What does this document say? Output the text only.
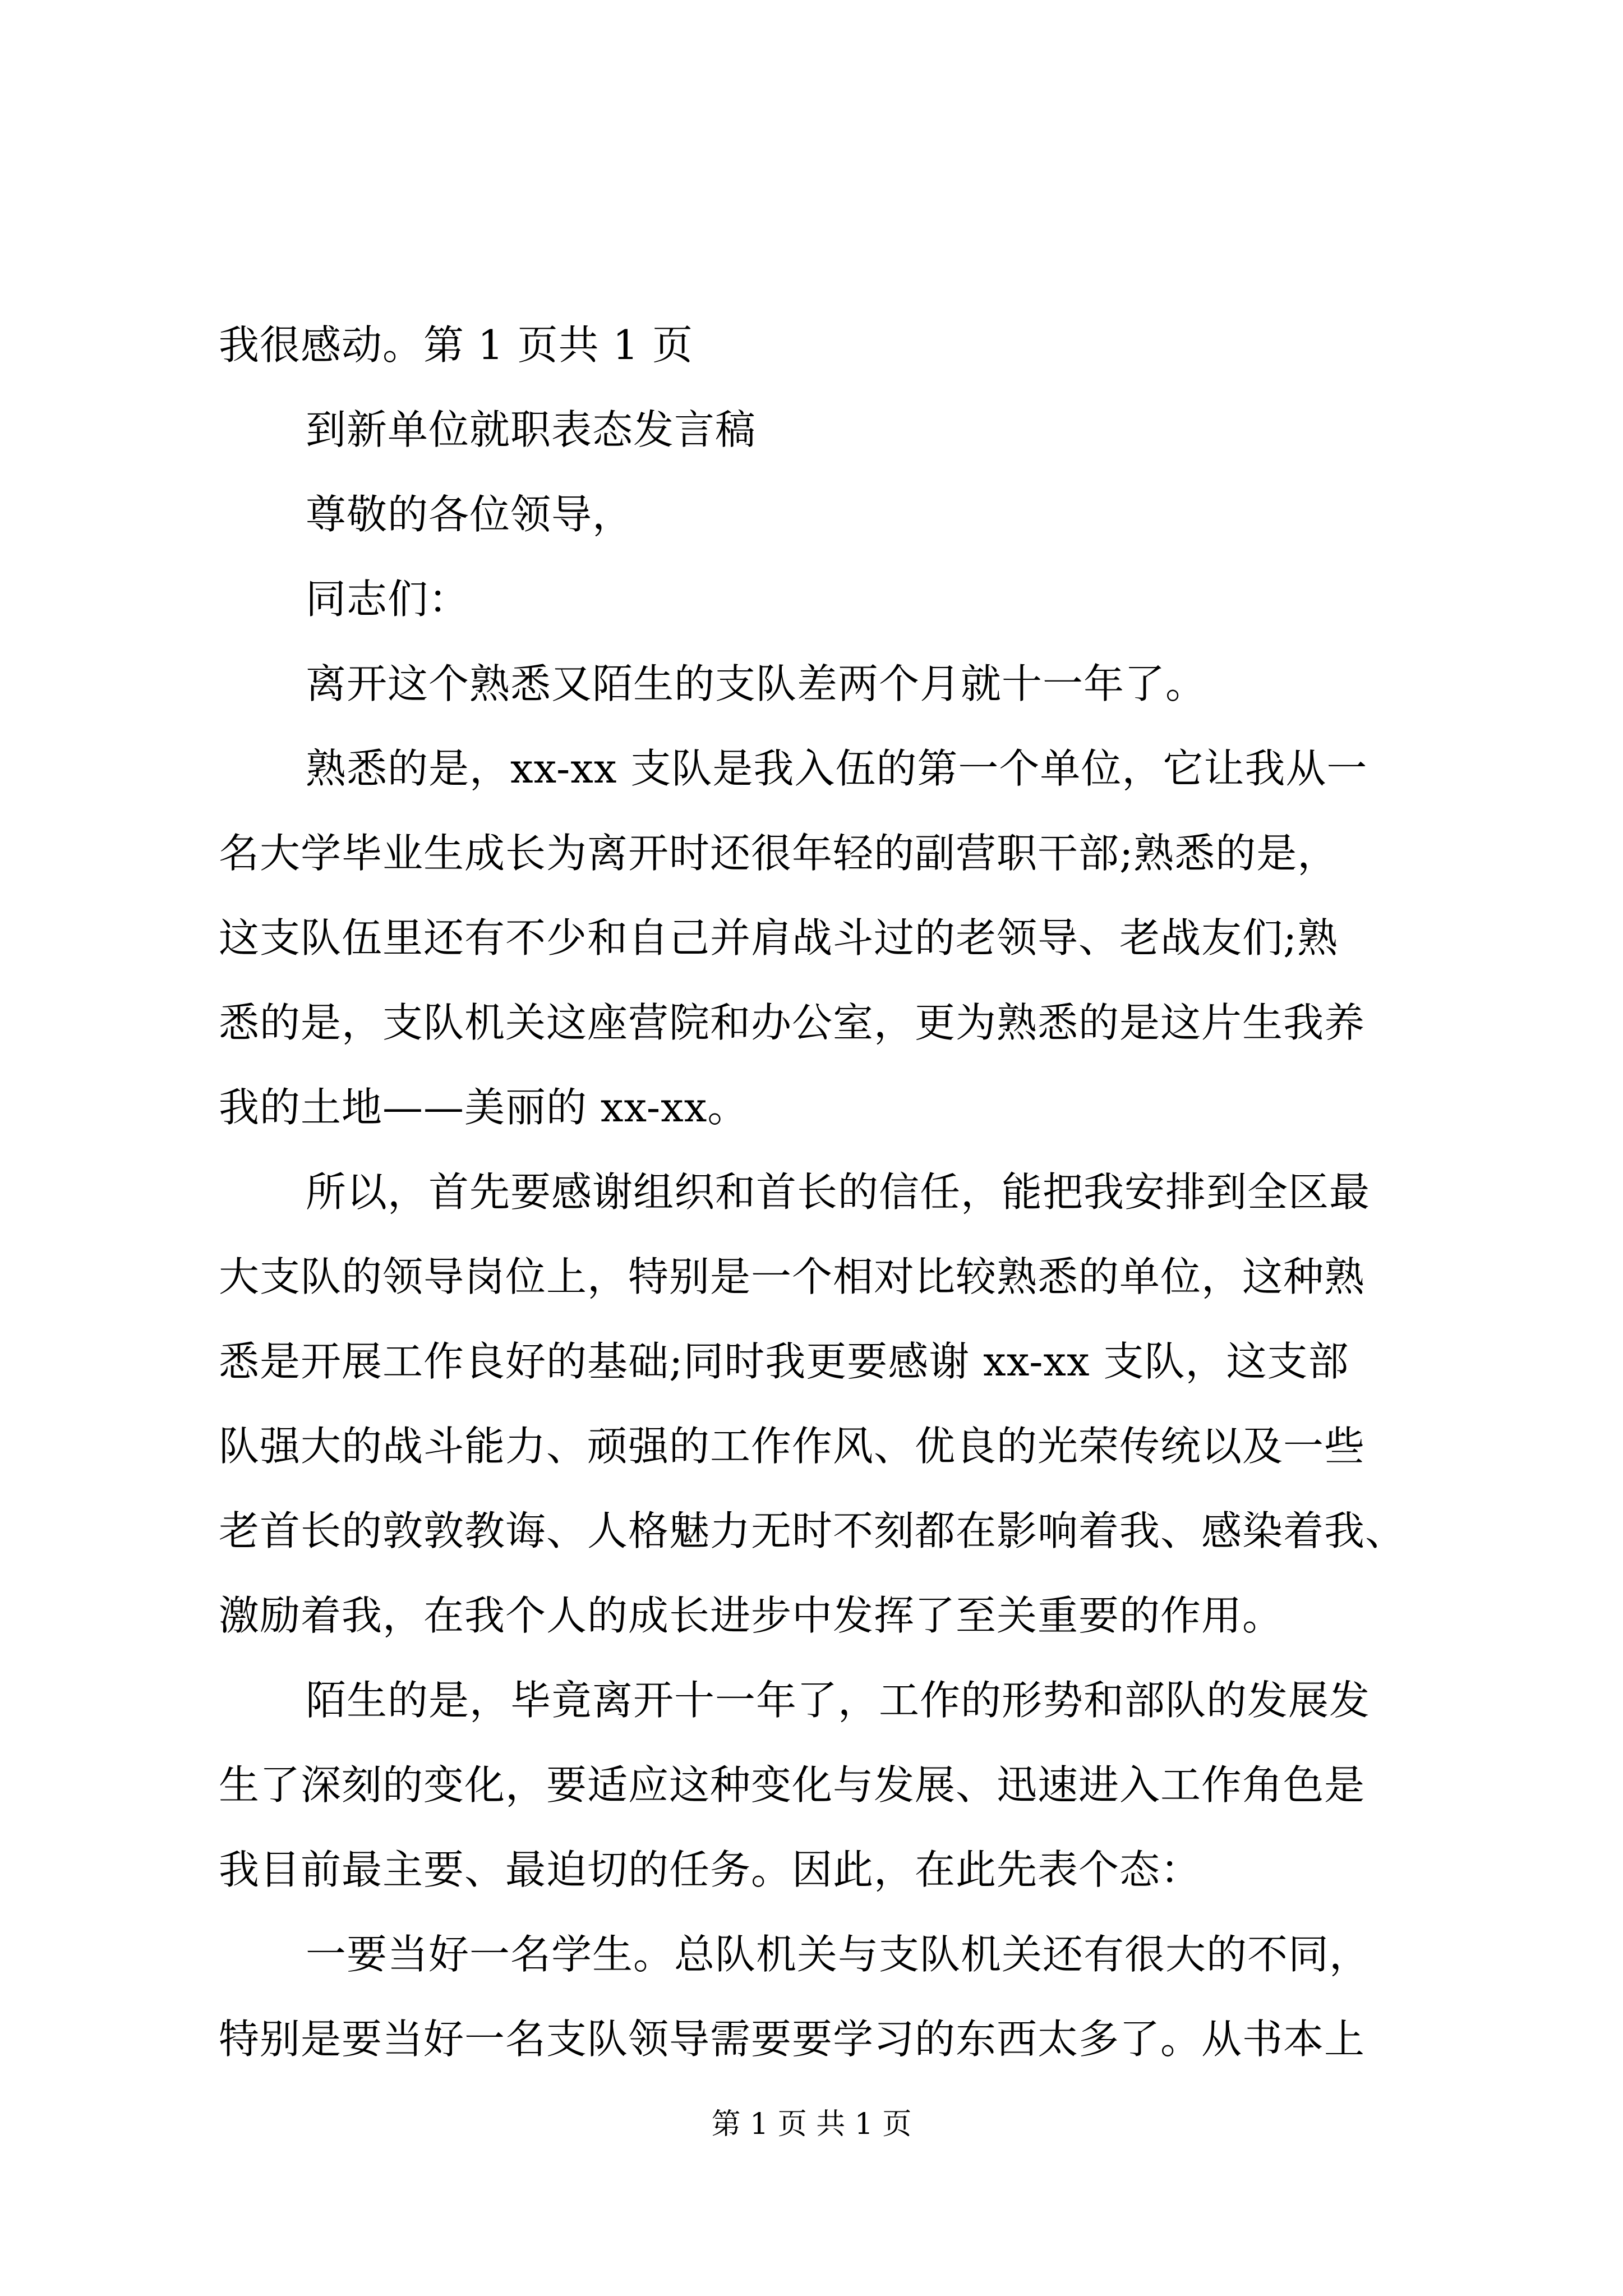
我很感动。第 1 页共 1 页
到新单位就职表态发言稿
尊敬的各位领导，
同志们：
离开这个熟悉又陌生的支队差两个月就十一年了。
熟悉的是，xx-xx 支队是我入伍的第一个单位，它让我从一
名大学毕业生成长为离开时还很年轻的副营职干部;熟悉的是，
这支队伍里还有不少和自己并肩战斗过的老领导、老战友们;熟
悉的是，支队机关这座营院和办公室，更为熟悉的是这片生我养
我的土地——美丽的 xx-xx。
所以，首先要感谢组织和首长的信任，能把我安排到全区最
大支队的领导岗位上，特别是一个相对比较熟悉的单位，这种熟
悉是开展工作良好的基础;同时我更要感谢 xx-xx 支队，这支部
队强大的战斗能力、顽强的工作作风、优良的光荣传统以及一些
老首长的敦敦教诲、人格魅力无时不刻都在影响着我、感染着我、
激励着我，在我个人的成长进步中发挥了至关重要的作用。
陌生的是，毕竟离开十一年了，工作的形势和部队的发展发
生了深刻的变化，要适应这种变化与发展、迅速进入工作角色是
我目前最主要、最迫切的任务。因此，在此先表个态：
一要当好一名学生。总队机关与支队机关还有很大的不同，
特别是要当好一名支队领导需要要学习的东西太多了。从书本上
第 1 页 共 1 页
